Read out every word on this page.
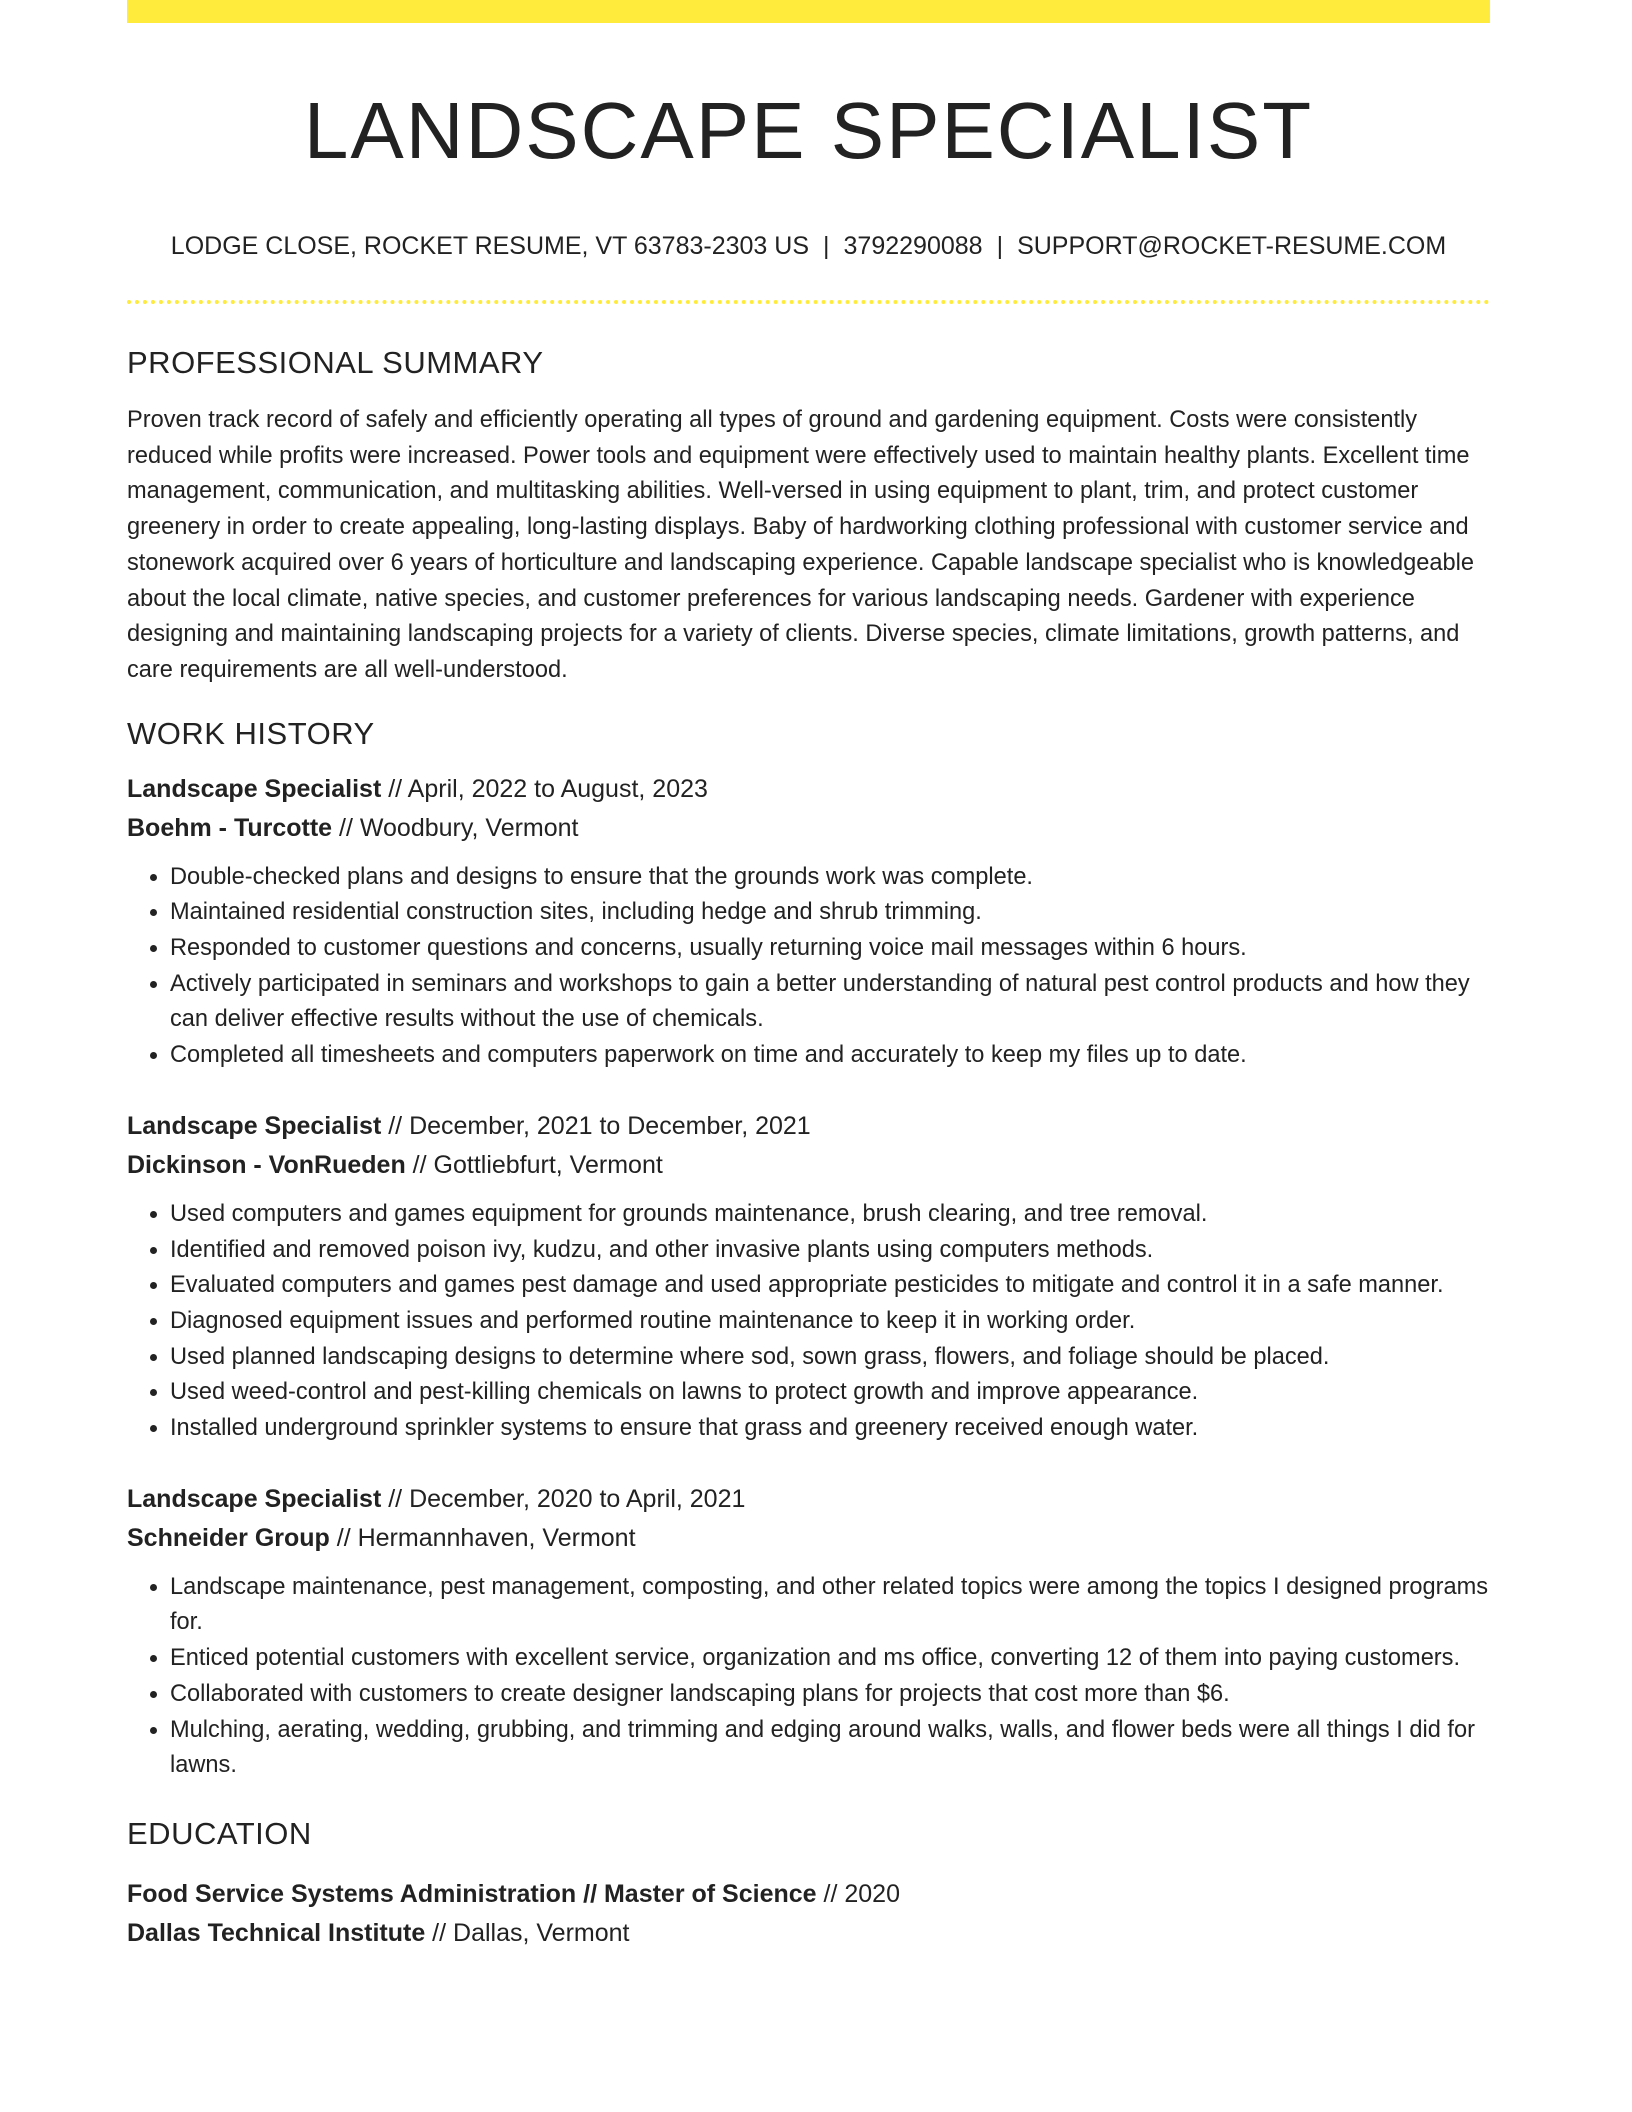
LANDSCAPE SPECIALIST
LODGE CLOSE, ROCKET RESUME, VT 63783-2303 US | 3792290088 | SUPPORT@ROCKET-RESUME.COM
PROFESSIONAL SUMMARY
Proven track record of safely and efficiently operating all types of ground and gardening equipment. Costs were consistently reduced while profits were increased. Power tools and equipment were effectively used to maintain healthy plants. Excellent time management, communication, and multitasking abilities. Well-versed in using equipment to plant, trim, and protect customer greenery in order to create appealing, long-lasting displays. Baby of hardworking clothing professional with customer service and stonework acquired over 6 years of horticulture and landscaping experience. Capable landscape specialist who is knowledgeable about the local climate, native species, and customer preferences for various landscaping needs. Gardener with experience designing and maintaining landscaping projects for a variety of clients. Diverse species, climate limitations, growth patterns, and care requirements are all well-understood.
WORK HISTORY
Landscape Specialist // April, 2022 to August, 2023
Boehm - Turcotte // Woodbury, Vermont
• Double-checked plans and designs to ensure that the grounds work was complete.
• Maintained residential construction sites, including hedge and shrub trimming.
• Responded to customer questions and concerns, usually returning voice mail messages within 6 hours.
• Actively participated in seminars and workshops to gain a better understanding of natural pest control products and how they can deliver effective results without the use of chemicals.
• Completed all timesheets and computers paperwork on time and accurately to keep my files up to date.
Landscape Specialist // December, 2021 to December, 2021
Dickinson - VonRueden // Gottliebfurt, Vermont
• Used computers and games equipment for grounds maintenance, brush clearing, and tree removal.
• Identified and removed poison ivy, kudzu, and other invasive plants using computers methods.
• Evaluated computers and games pest damage and used appropriate pesticides to mitigate and control it in a safe manner.
• Diagnosed equipment issues and performed routine maintenance to keep it in working order.
• Used planned landscaping designs to determine where sod, sown grass, flowers, and foliage should be placed.
• Used weed-control and pest-killing chemicals on lawns to protect growth and improve appearance.
• Installed underground sprinkler systems to ensure that grass and greenery received enough water.
Landscape Specialist // December, 2020 to April, 2021
Schneider Group // Hermannhaven, Vermont
• Landscape maintenance, pest management, composting, and other related topics were among the topics I designed programs for.
• Enticed potential customers with excellent service, organization and ms office, converting 12 of them into paying customers.
• Collaborated with customers to create designer landscaping plans for projects that cost more than $6.
• Mulching, aerating, wedding, grubbing, and trimming and edging around walks, walls, and flower beds were all things I did for lawns.
EDUCATION
Food Service Systems Administration // Master of Science // 2020
Dallas Technical Institute // Dallas, Vermont
